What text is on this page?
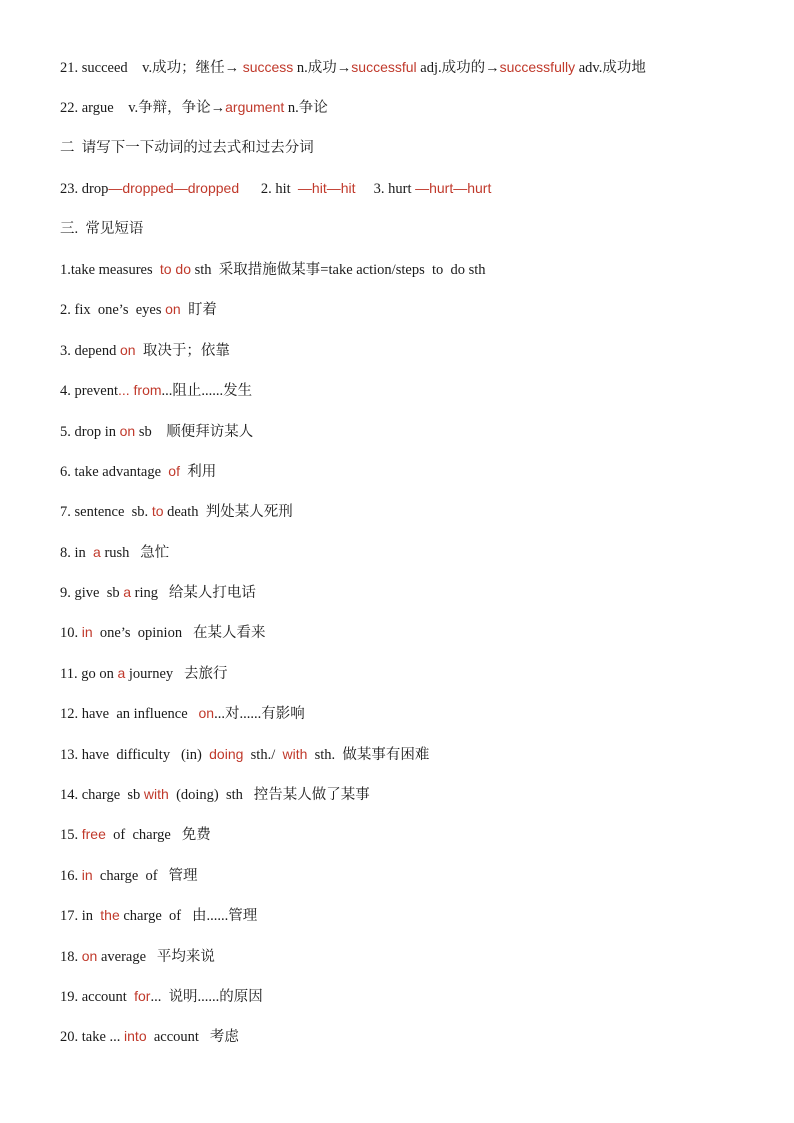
21. succeed    v.成功；继任→ success n.成功→successful adj.成功的→successfully adv.成功地
22. argue    v.争辩，争论→argument n.争论
二  请写下一下动词的过去式和过去分词
23. drop—dropped—dropped      2. hit  —hit—hit     3. hurt —hurt—hurt
三.  常见短语
1.take measures  to do sth  采取措施做某事=take action/steps  to  do sth
2. fix  one’s  eyes on  盯着
3. depend on  取决于；依靠
4. prevent... from...阻止......发生
5. drop in on sb    顺便拜访某人
6. take advantage  of  利用
7. sentence  sb. to death  判处某人死刑
8. in  a rush   急忙
9. give  sb a ring   给某人打电话
10. in  one’s  opinion   在某人看来
11. go on a journey   去旅行
12. have  an influence   on...对......有影响
13. have  difficulty   (in)  doing  sth./  with  sth.  做某事有困难
14. charge  sb with  (doing)  sth   控告某人做了某事
15. free  of  charge   免费
16. in  charge  of   管理
17. in  the charge  of   由......管理
18. on average   平均来说
19. account  for...  说明......的原因
20. take ... into  account   考虑
